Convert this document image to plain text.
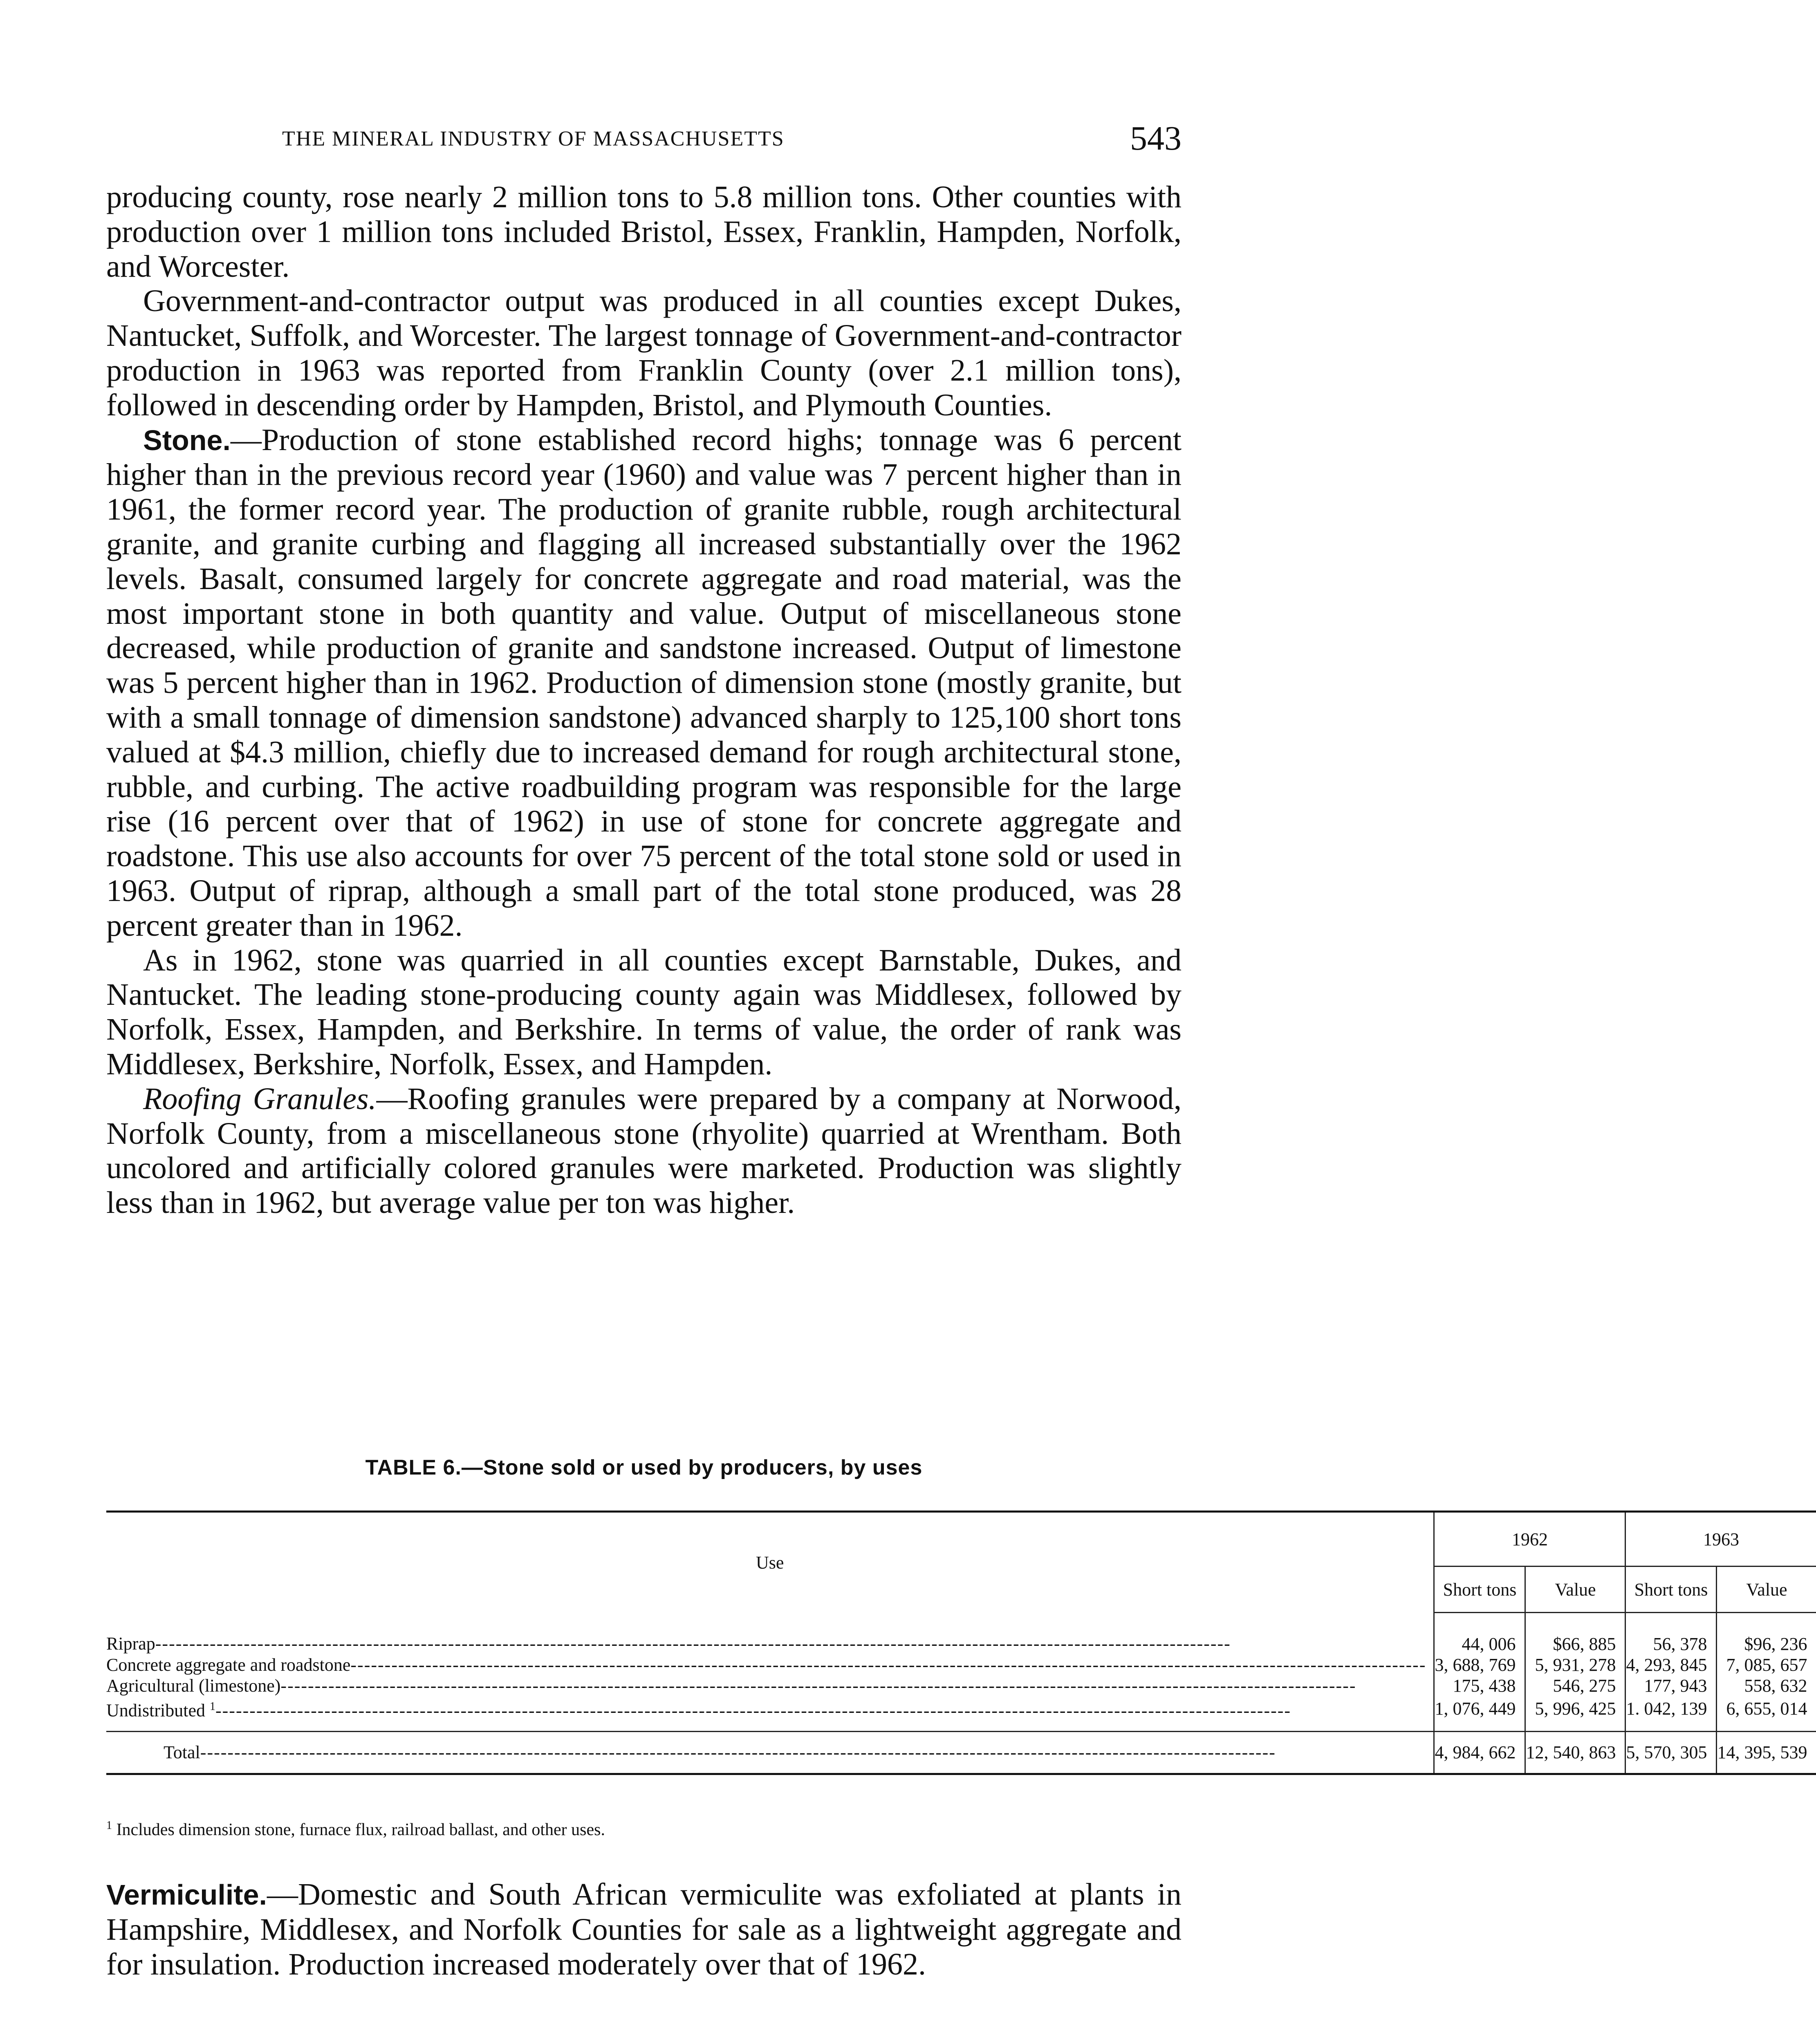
THE MINERAL INDUSTRY OF MASSACHUSETTS	543

producing county, rose nearly 2 million tons to 5.8 million tons. Other counties with production over 1 million tons included Bristol, Essex, Franklin, Hampden, Norfolk, and Worcester.

Government-and-contractor output was produced in all counties except Dukes, Nantucket, Suffolk, and Worcester. The largest tonnage of Government-and-contractor production in 1963 was reported from Franklin County (over 2.1 million tons), followed in descending order by Hampden, Bristol, and Plymouth Counties.

Stone.—Production of stone established record highs; tonnage was 6 percent higher than in the previous record year (1960) and value was 7 percent higher than in 1961, the former record year. The production of granite rubble, rough architectural granite, and granite curbing and flagging all increased substantially over the 1962 levels. Basalt, consumed largely for concrete aggregate and road material, was the most important stone in both quantity and value. Output of miscellaneous stone decreased, while production of granite and sandstone increased. Output of limestone was 5 percent higher than in 1962. Production of dimension stone (mostly granite, but with a small tonnage of dimension sandstone) advanced sharply to 125,100 short tons valued at $4.3 million, chiefly due to increased demand for rough architectural stone, rubble, and curbing. The active roadbuilding program was responsible for the large rise (16 percent over that of 1962) in use of stone for concrete aggregate and roadstone. This use also accounts for over 75 percent of the total stone sold or used in 1963. Output of riprap, although a small part of the total stone produced, was 28 percent greater than in 1962.

As in 1962, stone was quarried in all counties except Barnstable, Dukes, and Nantucket. The leading stone-producing county again was Middlesex, followed by Norfolk, Essex, Hampden, and Berkshire. In terms of value, the order of rank was Middlesex, Berkshire, Norfolk, Essex, and Hampden.

Roofing Granules.—Roofing granules were prepared by a company at Norwood, Norfolk County, from a miscellaneous stone (rhyolite) quarried at Wrentham. Both uncolored and artificially colored granules were marketed. Production was slightly less than in 1962, but average value per ton was higher.

TABLE 6.—Stone sold or used by producers, by uses
Use	1962		1963	
	Short tons	Value	Short tons	Value

Riprap
-----	44, 006	$66, 885	56, 378	$96, 236

Concrete aggregate and roadstone
-----	3, 688, 769	5, 931, 278	4, 293, 845	7, 085, 657

Agricultural (limestone)
-----	175, 438	546, 275	177, 943	558, 632

Undistributed $^1$
-----	1, 076, 449	5, 996, 425	1. 042, 139	6, 655, 014

Total
-----	4, 984, 662	12, 540, 863	5, 570, 305	14, 395, 539
$^1$ Includes dimension stone, furnace flux, railroad ballast, and other uses.

Vermiculite.—Domestic and South African vermiculite was exfoliated at plants in Hampshire, Middlesex, and Norfolk Counties for sale as a lightweight aggregate and for insulation. Production increased moderately over that of 1962.
